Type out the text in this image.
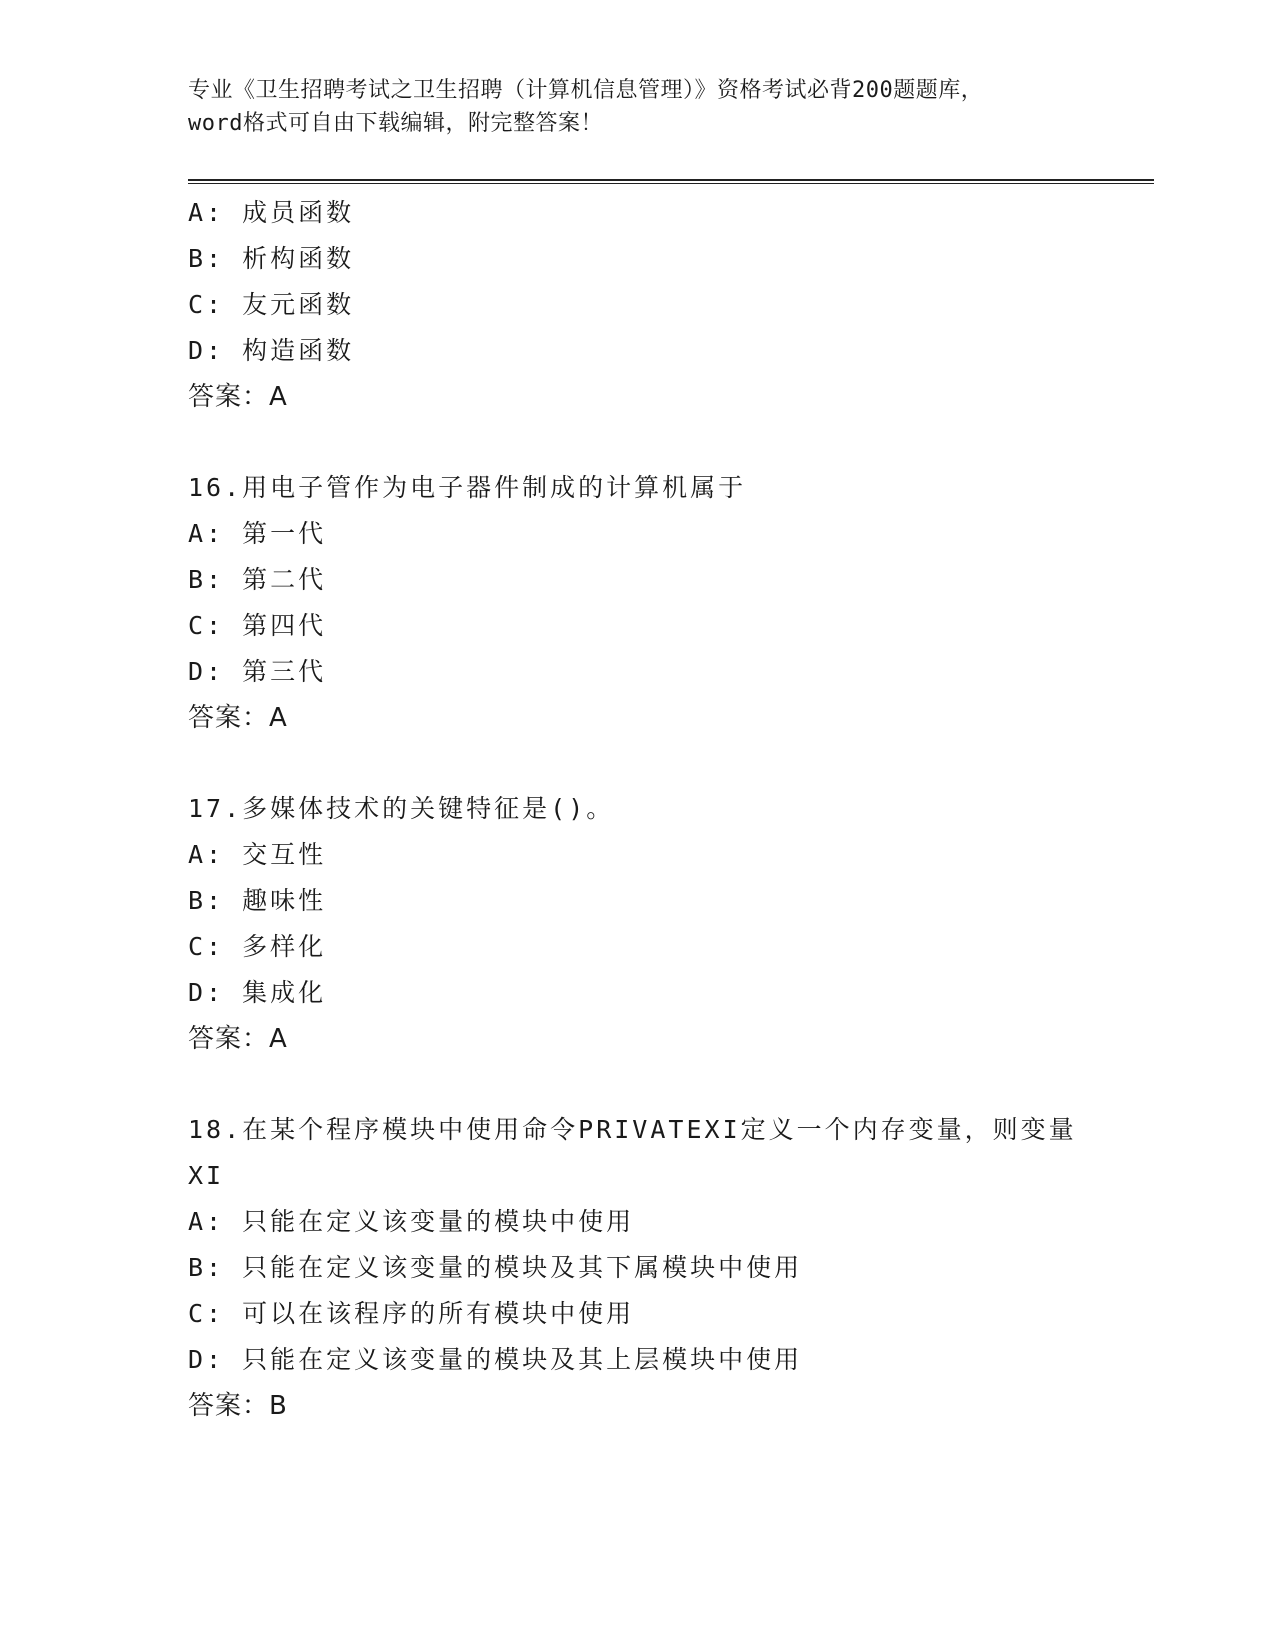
专业《卫生招聘考试之卫生招聘（计算机信息管理）》资格考试必背200题题库，
word格式可自由下载编辑，附完整答案！
A: 成员函数
B: 析构函数
C: 友元函数
D: 构造函数
答案：A
16.用电子管作为电子器件制成的计算机属于
A: 第一代
B: 第二代
C: 第四代
D: 第三代
答案：A
17.多媒体技术的关键特征是()。
A: 交互性
B: 趣味性
C: 多样化
D: 集成化
答案：A
18.在某个程序模块中使用命令PRIVATEXI定义一个内存变量，则变量
XI
A: 只能在定义该变量的模块中使用
B: 只能在定义该变量的模块及其下属模块中使用
C: 可以在该程序的所有模块中使用
D: 只能在定义该变量的模块及其上层模块中使用
答案：B
